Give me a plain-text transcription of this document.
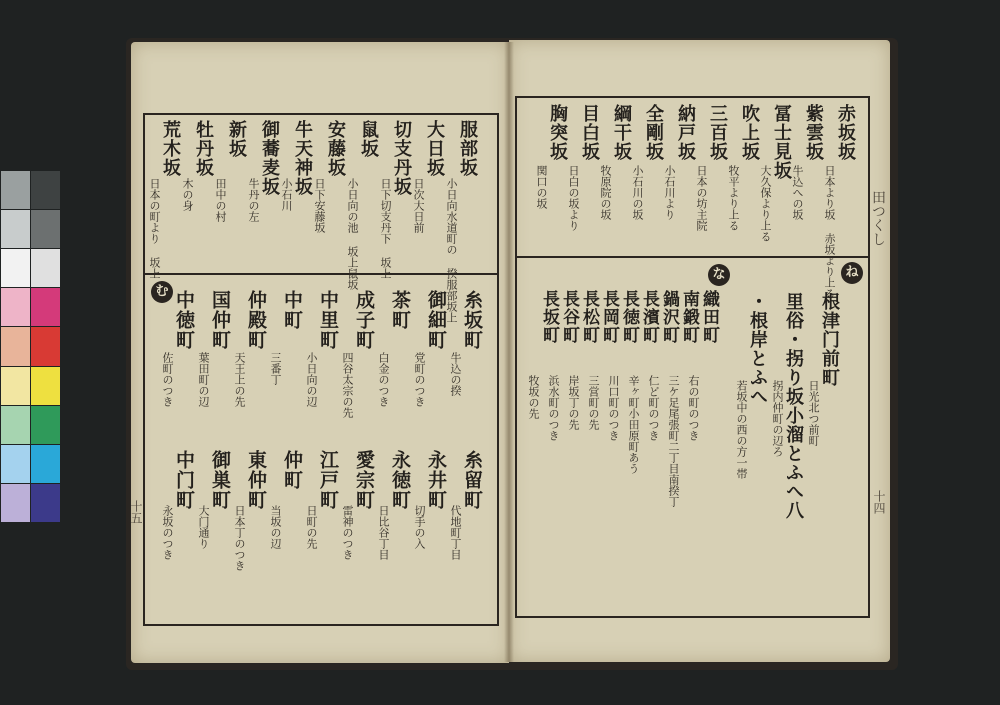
服部坂
小日向水道町の 揆服部坂上
大日坂
日次大日前
切支丹坂
日下切支丹下 坂上
鼠坂
小日向の池 坂上鼠坂
安藤坂
日下安藤坂
牛天神坂
小石川
御蕎麦坂
牛丹の左
新坂
田中の村
牡丹坂
木の身
荒木坂
日本の町より 坂上
む	糸坂町
牛込の揆
御細町
党町のつき
茶町
白金のつき
成子町
四谷太宗の先
中里町
小日向の辺
中町
三番丁
仲殿町
天王上の先
国仲町
葉田町の辺
中徳町
佐町のつき
糸留町
代地町丁目
永井町
切手の入
永徳町
日比谷丁目
愛宗町
雷神のつき
江戸町
日町の先
仲町
当坂の辺
東仲町
日本丁のつき
御巣町
大门通り
中门町
永坂のつき
十五
赤坂坂
日本より坂 赤坂より上る
紫雲坂
牛込への坂
冨士見坂
大久保より上る
吹上坂
牧平より上る
三百坂
日本の坊主院
納戸坂
小石川より
全剛坂
小石川の坂
綱干坂
牧原院の坂
目白坂
日白の坂より
胸突坂
関口の坂
ね
な
根津门前町
日光北つ前町
里俗・拐り坂小溜とふへ八
拐内仲町の辺ろ
・根岸とふへ
若坂中の西の方一帯
織田町
右の町のつき
南鍛町
三ケ足尾張町二丁目南揆丁
鍋沢町
仁ど町のつき
長濱町
辛ヶ町小田原町あう
長徳町
川口町のつき
長岡町
三営町の先
長松町
岸坂丁の先
長谷町
浜水町のつき
長坂町
牧坂の先
田つくし
十四
